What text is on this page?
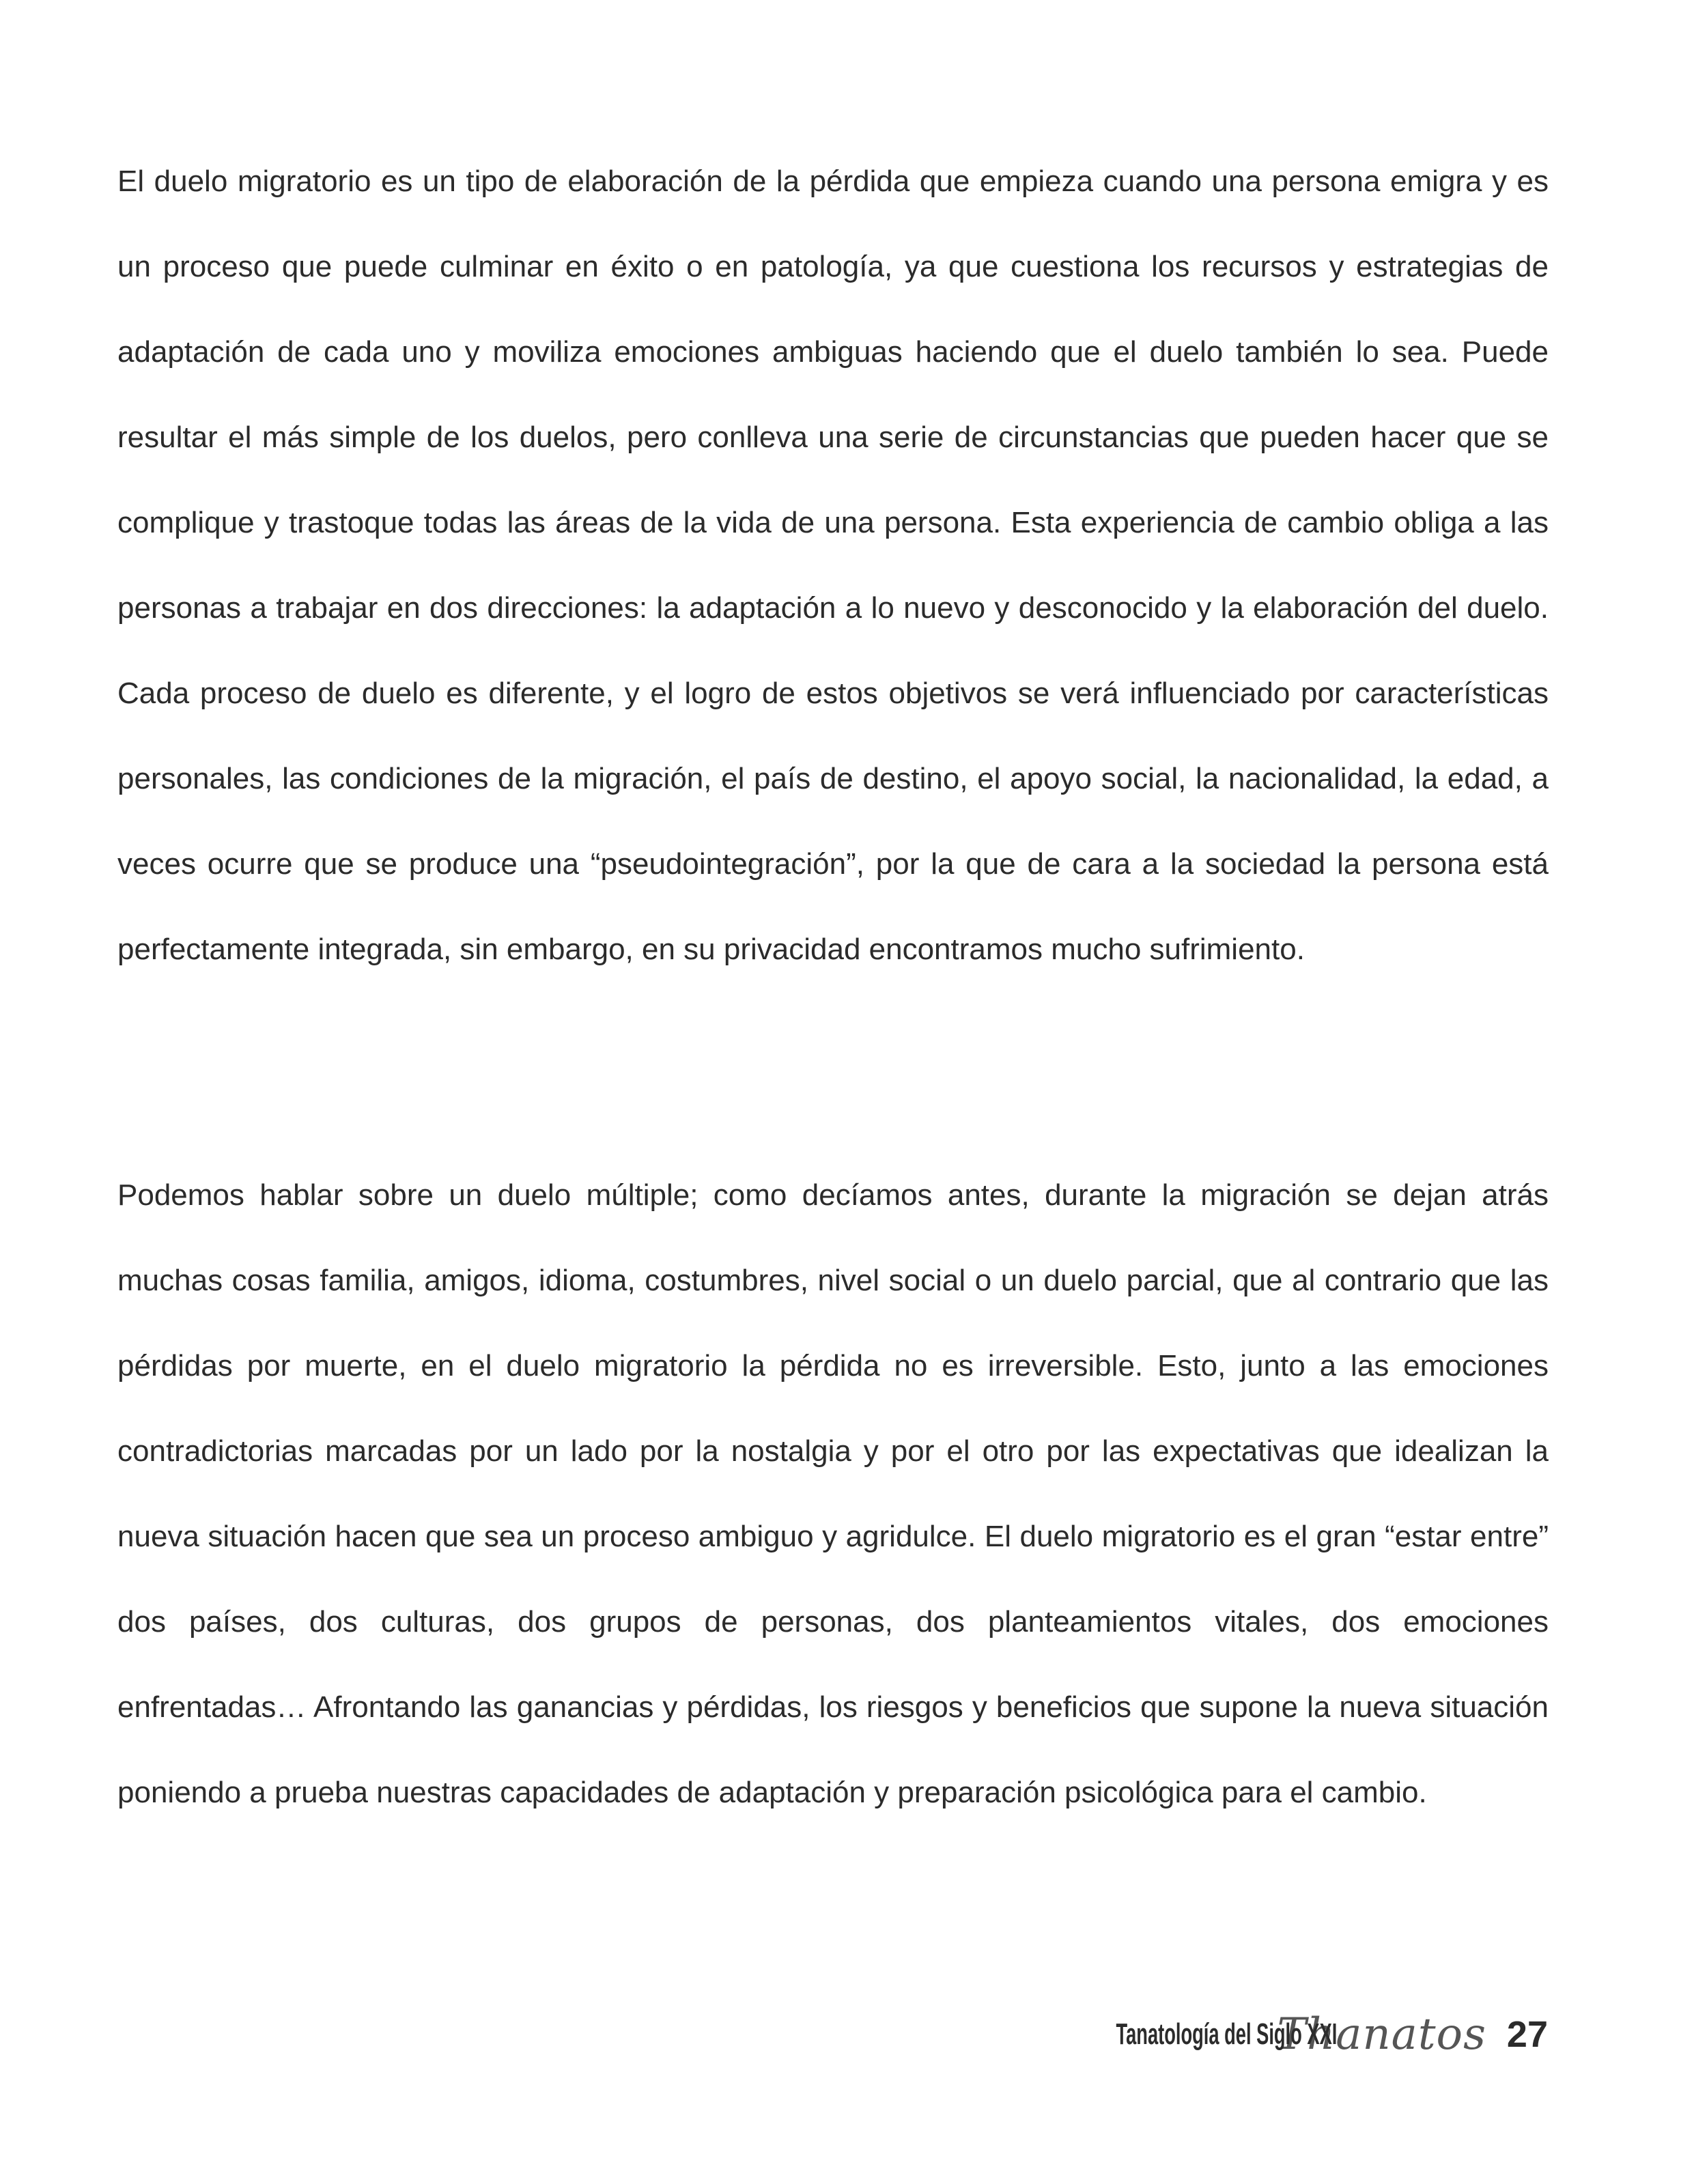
El duelo migratorio es un tipo de elaboración de la pérdida que empieza cuando una persona emigra y es un proceso que puede culminar en éxito o en patología, ya que cuestiona los recursos y estrategias de adaptación de cada uno y moviliza emociones ambiguas haciendo que el duelo también lo sea. Puede resultar el más simple de los duelos, pero conlleva una serie de circunstancias que pueden hacer que se complique y trastoque todas las áreas de la vida de una persona. Esta experiencia de cambio obliga a las personas a trabajar en dos direcciones: la adaptación a lo nuevo y desconocido y la elaboración del duelo. Cada proceso de duelo es diferente, y el logro de estos objetivos se verá influenciado por características personales, las condiciones de la migración, el país de destino, el apoyo social, la nacionalidad, la edad, a veces ocurre que se produce una “pseudointegración”, por la que de cara a la sociedad la persona está perfectamente integrada, sin embargo, en su privacidad encontramos mucho sufrimiento.

Podemos hablar sobre un duelo múltiple; como decíamos antes, durante la migración se dejan atrás muchas cosas familia, amigos, idioma, costumbres, nivel social o un duelo parcial, que al contrario que las pérdidas por muerte, en el duelo migratorio la pérdida no es irreversible. Esto, junto a las emociones contradictorias marcadas por un lado por la nostalgia y por el otro por las expectativas que idealizan la nueva situación hacen que sea un proceso ambiguo y agridulce. El duelo migratorio es el gran “estar entre” dos países, dos culturas, dos grupos de personas, dos planteamientos vitales, dos emociones enfrentadas… Afrontando las ganancias y pérdidas, los riesgos y beneficios que supone la nueva situación poniendo a prueba nuestras capacidades de adaptación y preparación psicológica para el cambio.

Tanatología del Siglo XXI
Thanatos 27
